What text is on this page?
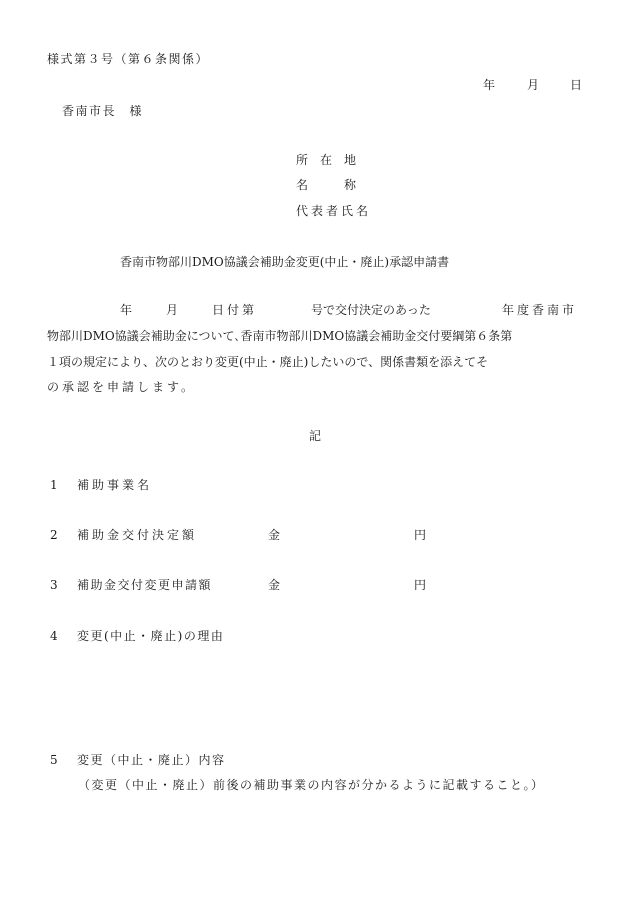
様式第３号（第６条関係）
年	月	日
香南市長　様
所　在　地
名　　　称
代表者氏名
香南市物部川DMO協議会補助金変更(中止・廃止)承認申請書
年	月	日付第	号で交付決定のあった	年度香南市
物部川DMO協議会補助金について､香南市物部川DMO協議会補助金交付要綱第６条第
１項の規定により、次のとおり変更(中止・廃止)したいので、関係書類を添えてそ
の承認を申請します。
記
1 補助事業名
2 補助金交付決定額	金	円
3 補助金交付変更申請額	金	円
4 変更(中止・廃止)の理由
5 変更（中止・廃止）内容
（変更（中止・廃止）前後の補助事業の内容が分かるように記載すること。）
